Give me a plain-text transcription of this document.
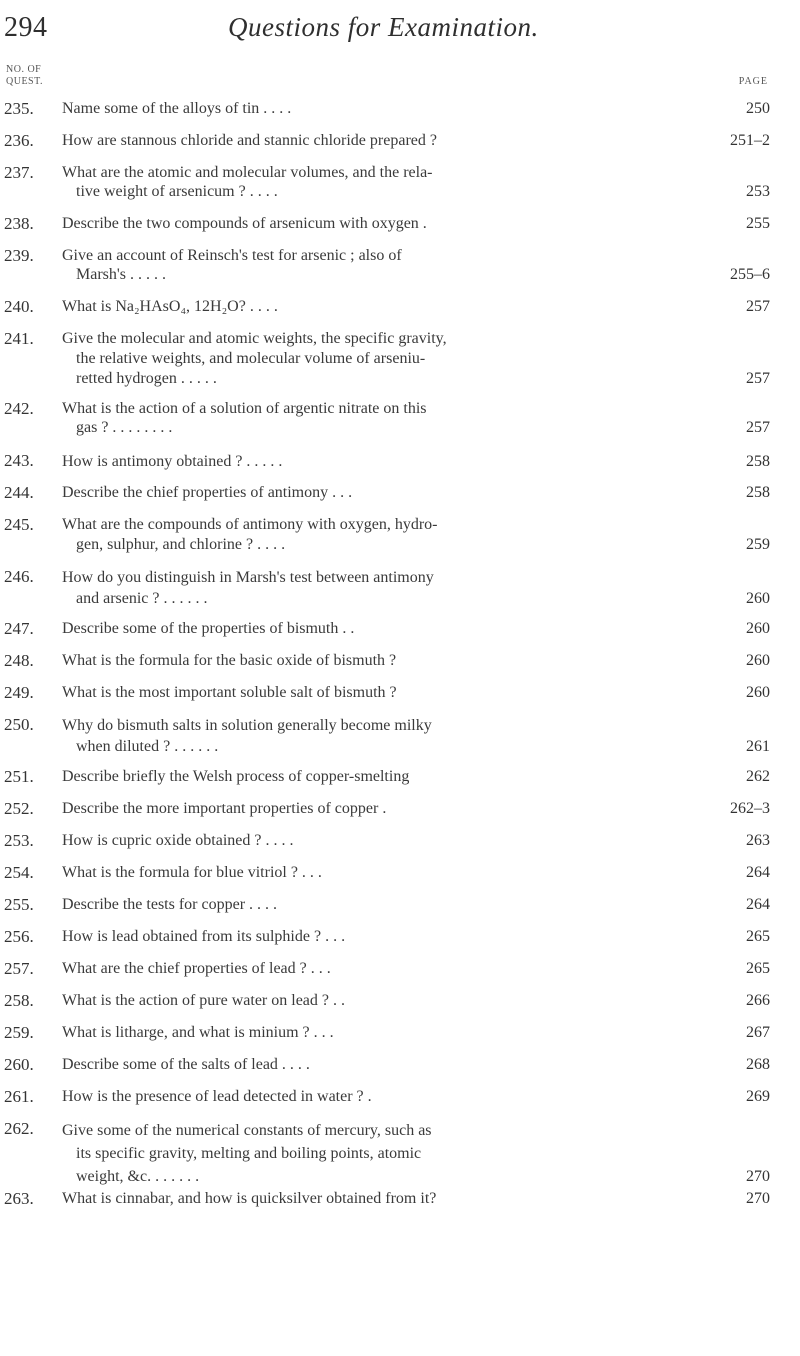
294	Questions for Examination.
NO. OF
QUEST.	PAGE
235. Name some of the alloys of tin . . . .	250
236. How are stannous chloride and stannic chloride prepared ?	251–2
237. What are the atomic and molecular volumes, and the rela-
tive weight of arsenicum ? . . . .	253
238. Describe the two compounds of arsenicum with oxygen .	255
239. Give an account of Reinsch's test for arsenic ; also of
Marsh's . . . . .	255–6
240. What is Na₂HAsO₄, 12H₂O? . . . .	257
241. Give the molecular and atomic weights, the specific gravity,
the relative weights, and molecular volume of arseniu-
retted hydrogen . . . . .	257
242. What is the action of a solution of argentic nitrate on this
gas ? . . . . . . . .	257
243. How is antimony obtained ? . . . . .	258
244. Describe the chief properties of antimony . . .	258
245. What are the compounds of antimony with oxygen, hydro-
gen, sulphur, and chlorine ? . . . .	259
246. How do you distinguish in Marsh's test between antimony
and arsenic ? . . . . . .	260
247. Describe some of the properties of bismuth . .	260
248. What is the formula for the basic oxide of bismuth ?	260
249. What is the most important soluble salt of bismuth ?	260
250. Why do bismuth salts in solution generally become milky
when diluted ? . . . . . .	261
251. Describe briefly the Welsh process of copper-smelting	262
252. Describe the more important properties of copper .	262–3
253. How is cupric oxide obtained ? . . . .	263
254. What is the formula for blue vitriol ? . . .	264
255. Describe the tests for copper . . . .	264
256. How is lead obtained from its sulphide ? . . .	265
257. What are the chief properties of lead ? . . .	265
258. What is the action of pure water on lead ? . .	266
259. What is litharge, and what is minium ? . . .	267
260. Describe some of the salts of lead . . . .	268
261. How is the presence of lead detected in water ? .	269
262. Give some of the numerical constants of mercury, such as
its specific gravity, melting and boiling points, atomic
weight, &c. . . . . . .	270
263. What is cinnabar, and how is quicksilver obtained from it?	270
